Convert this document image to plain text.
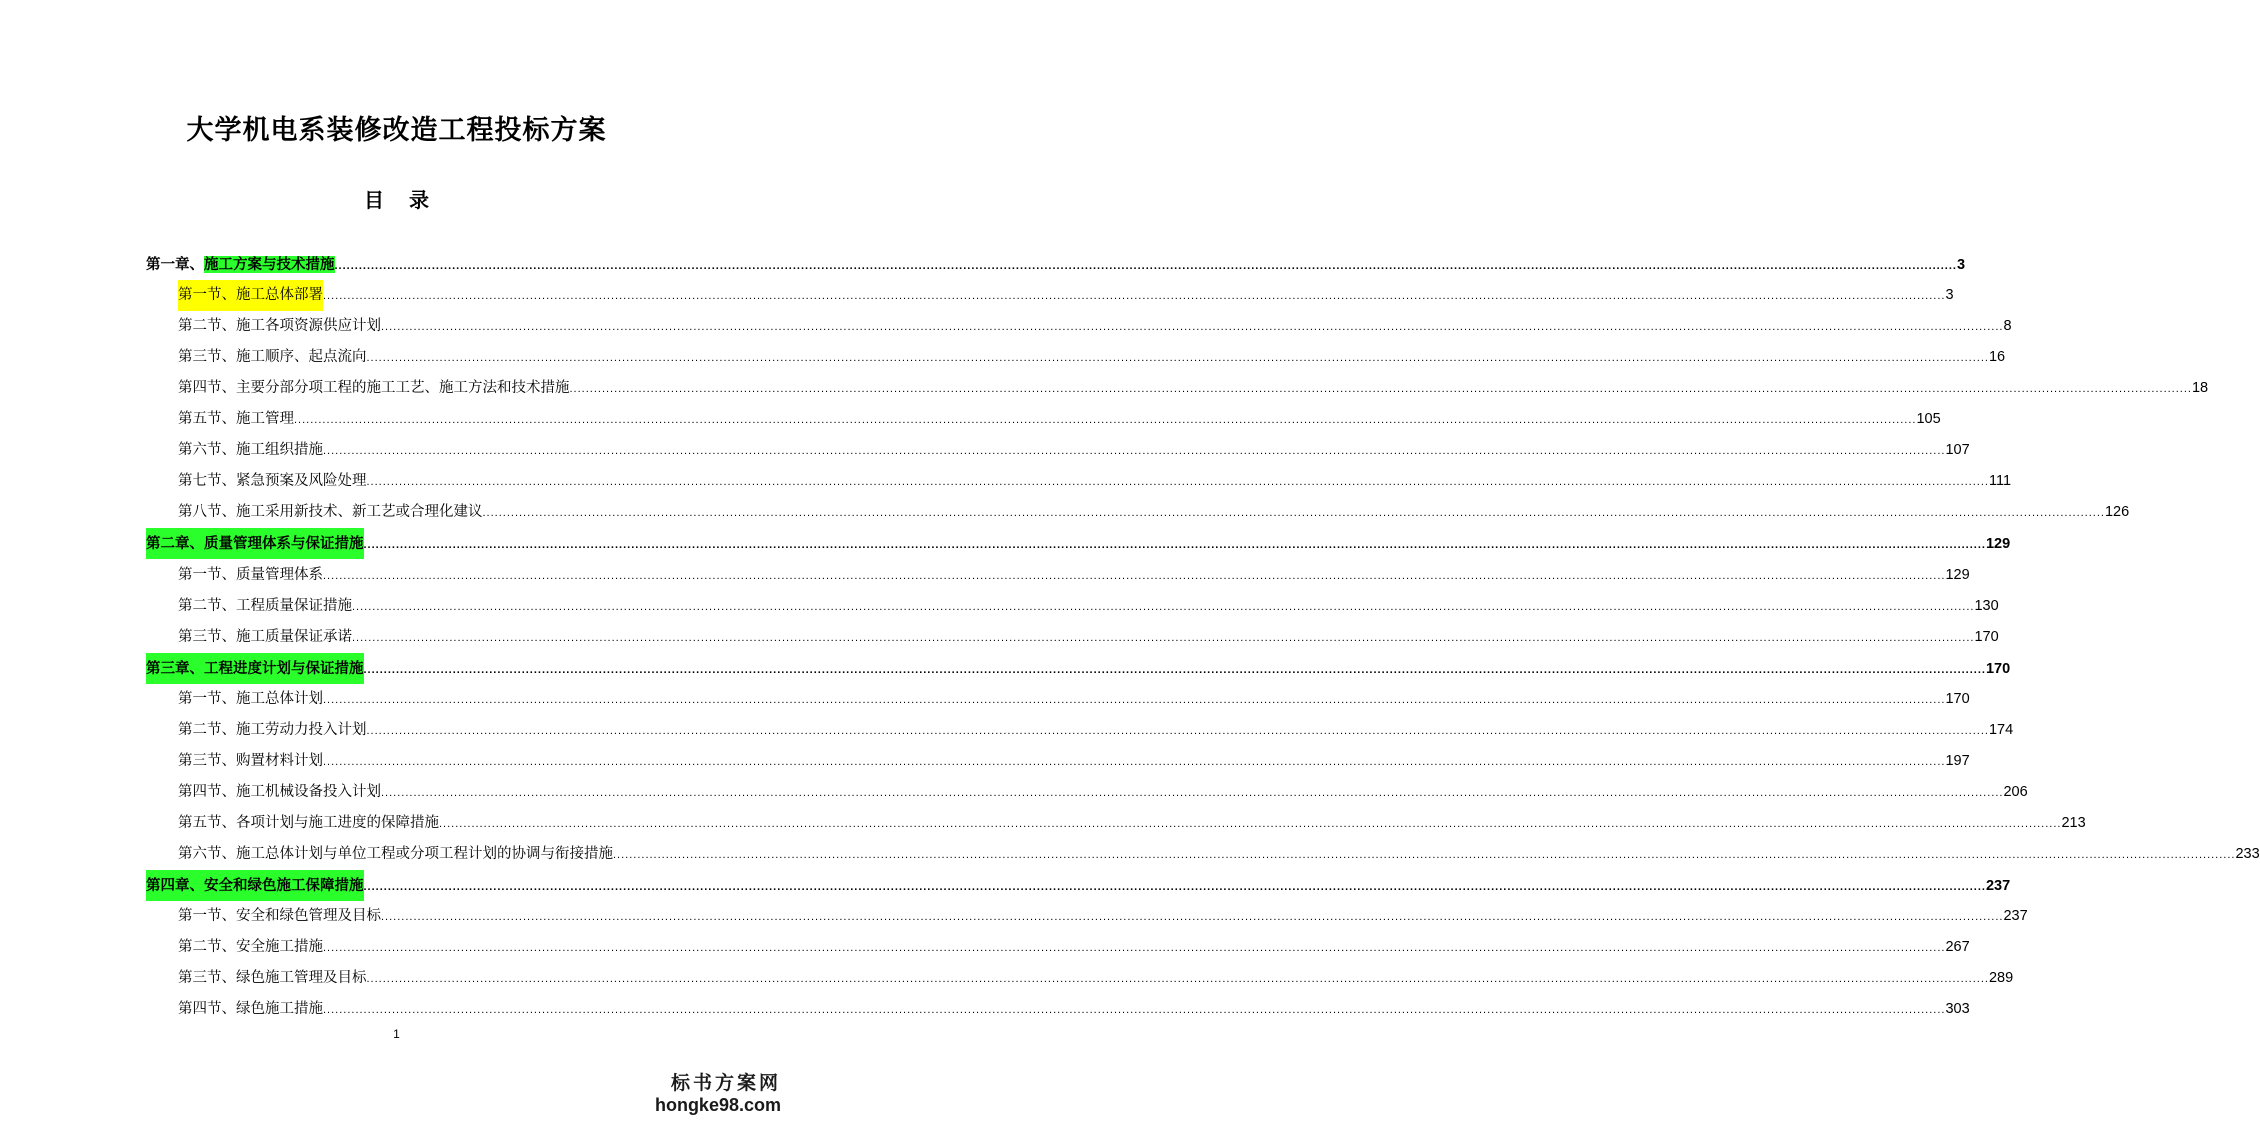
大学机电系装修改造工程投标方案
目 录
第一章、施工方案与技术措施 ................................................................................................................................................................................................................................................................................................................................................................................................................ 3
第一节、施工总体部署 ................................................................................................................................................................................................................................................................................................................................................................................................................ 3
第二节、施工各项资源供应计划 ................................................................................................................................................................................................................................................................................................................................................................................................................ 8
第三节、施工顺序、起点流向 ................................................................................................................................................................................................................................................................................................................................................................................................................ 16
第四节、主要分部分项工程的施工工艺、施工方法和技术措施 ................................................................................................................................................................................................................................................................................................................................................................................................................ 18
第五节、施工管理 ................................................................................................................................................................................................................................................................................................................................................................................................................ 105
第六节、施工组织措施 ................................................................................................................................................................................................................................................................................................................................................................................................................ 107
第七节、紧急预案及风险处理 ................................................................................................................................................................................................................................................................................................................................................................................................................ 111
第八节、施工采用新技术、新工艺或合理化建议 ................................................................................................................................................................................................................................................................................................................................................................................................................ 126
第二章、质量管理体系与保证措施 ................................................................................................................................................................................................................................................................................................................................................................................................................ 129
第一节、质量管理体系 ................................................................................................................................................................................................................................................................................................................................................................................................................ 129
第二节、工程质量保证措施 ................................................................................................................................................................................................................................................................................................................................................................................................................ 130
第三节、施工质量保证承诺 ................................................................................................................................................................................................................................................................................................................................................................................................................ 170
第三章、工程进度计划与保证措施 ................................................................................................................................................................................................................................................................................................................................................................................................................ 170
第一节、施工总体计划 ................................................................................................................................................................................................................................................................................................................................................................................................................ 170
第二节、施工劳动力投入计划 ................................................................................................................................................................................................................................................................................................................................................................................................................ 174
第三节、购置材料计划 ................................................................................................................................................................................................................................................................................................................................................................................................................ 197
第四节、施工机械设备投入计划 ................................................................................................................................................................................................................................................................................................................................................................................................................ 206
第五节、各项计划与施工进度的保障措施 ................................................................................................................................................................................................................................................................................................................................................................................................................ 213
第六节、施工总体计划与单位工程或分项工程计划的协调与衔接措施 ................................................................................................................................................................................................................................................................................................................................................................................................................ 233
第四章、安全和绿色施工保障措施 ................................................................................................................................................................................................................................................................................................................................................................................................................ 237
第一节、安全和绿色管理及目标 ................................................................................................................................................................................................................................................................................................................................................................................................................ 237
第二节、安全施工措施 ................................................................................................................................................................................................................................................................................................................................................................................................................ 267
第三节、绿色施工管理及目标 ................................................................................................................................................................................................................................................................................................................................................................................................................ 289
第四节、绿色施工措施 ................................................................................................................................................................................................................................................................................................................................................................................................................ 303
1
标书方案网
hongke98.com
